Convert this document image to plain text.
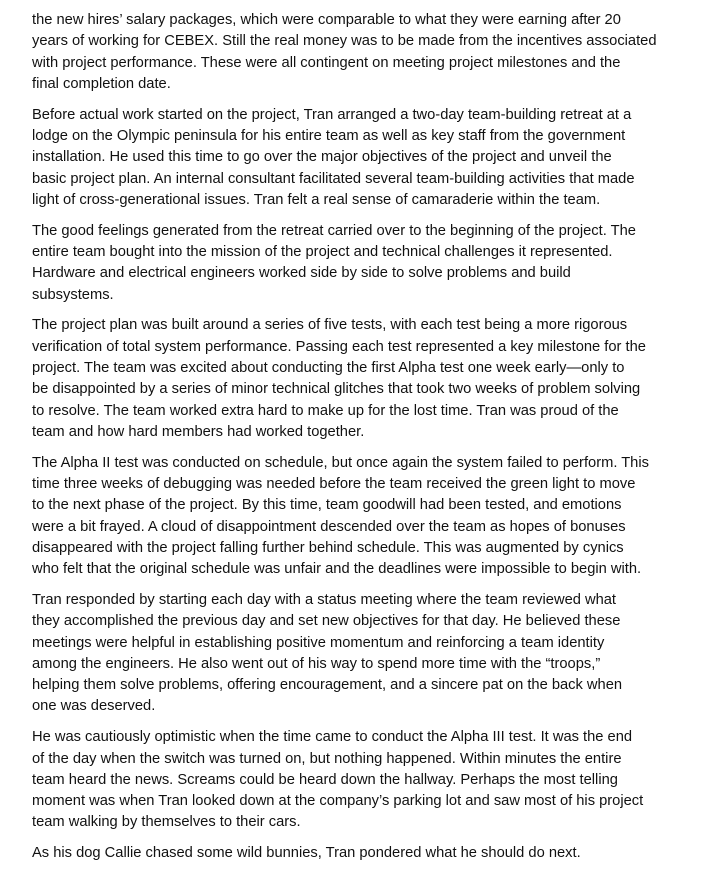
the new hires’ salary packages, which were comparable to what they were earning after 20
years of working for CEBEX. Still the real money was to be made from the incentives associated
with project performance. These were all contingent on meeting project milestones and the
final completion date.

Before actual work started on the project, Tran arranged a two-day team-building retreat at a
lodge on the Olympic peninsula for his entire team as well as key staff from the government
installation. He used this time to go over the major objectives of the project and unveil the
basic project plan. An internal consultant facilitated several team-building activities that made
light of cross-generational issues. Tran felt a real sense of camaraderie within the team.

The good feelings generated from the retreat carried over to the beginning of the project. The
entire team bought into the mission of the project and technical challenges it represented.
Hardware and electrical engineers worked side by side to solve problems and build
subsystems.

The project plan was built around a series of five tests, with each test being a more rigorous
verification of total system performance. Passing each test represented a key milestone for the
project. The team was excited about conducting the first Alpha test one week early—only to
be disappointed by a series of minor technical glitches that took two weeks of problem solving
to resolve. The team worked extra hard to make up for the lost time. Tran was proud of the
team and how hard members had worked together.

The Alpha II test was conducted on schedule, but once again the system failed to perform. This
time three weeks of debugging was needed before the team received the green light to move
to the next phase of the project. By this time, team goodwill had been tested, and emotions
were a bit frayed. A cloud of disappointment descended over the team as hopes of bonuses
disappeared with the project falling further behind schedule. This was augmented by cynics
who felt that the original schedule was unfair and the deadlines were impossible to begin with.

Tran responded by starting each day with a status meeting where the team reviewed what
they accomplished the previous day and set new objectives for that day. He believed these
meetings were helpful in establishing positive momentum and reinforcing a team identity
among the engineers. He also went out of his way to spend more time with the “troops,”
helping them solve problems, offering encouragement, and a sincere pat on the back when
one was deserved.

He was cautiously optimistic when the time came to conduct the Alpha III test. It was the end
of the day when the switch was turned on, but nothing happened. Within minutes the entire
team heard the news. Screams could be heard down the hallway. Perhaps the most telling
moment was when Tran looked down at the company’s parking lot and saw most of his project
team walking by themselves to their cars.

As his dog Callie chased some wild bunnies, Tran pondered what he should do next.
